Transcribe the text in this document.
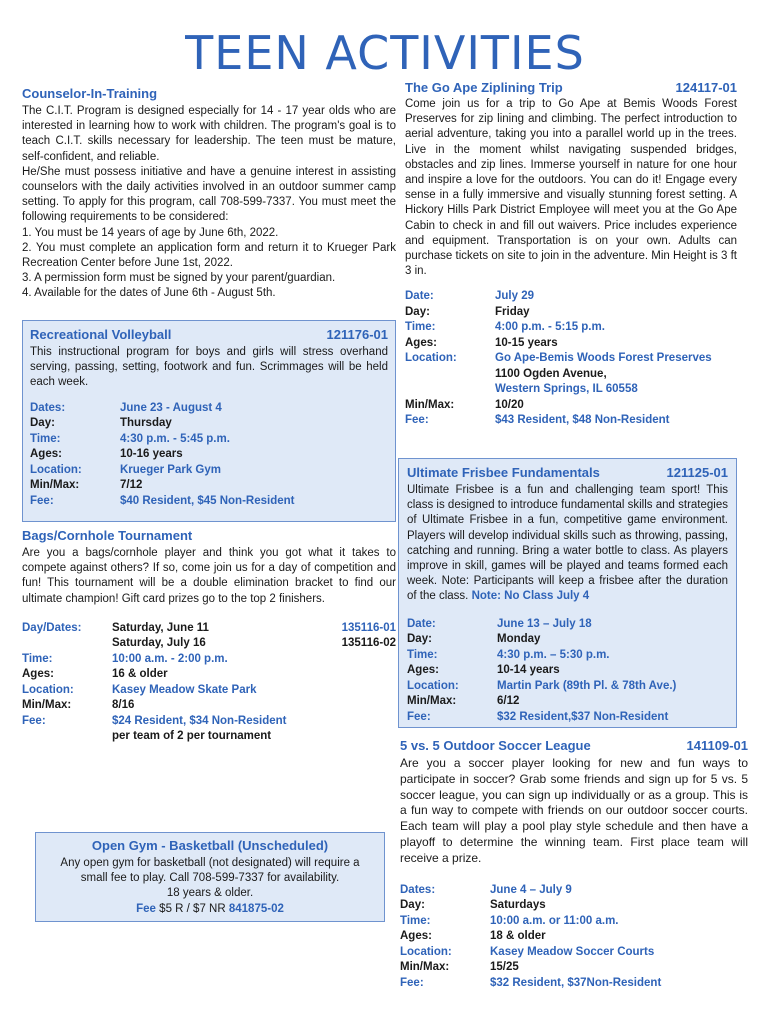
TEEN ACTIVITIES
Counselor-In-Training

The C.I.T. Program is designed especially for 14 - 17 year olds who are interested in learning how to work with children. The program's goal is to teach C.I.T. skills necessary for leadership. The teen must be mature, self-confident, and reliable.

He/She must possess initiative and have a genuine interest in assisting counselors with the daily activities involved in an outdoor summer camp setting. To apply for this program, call 708-599-7337. You must meet the following requirements to be considered:

1. You must be 14 years of age by June 6th, 2022.

2. You must complete an application form and return it to Krueger Park Recreation Center before June 1st, 2022.

3. A permission form must be signed by your parent/guardian.

4. Available for the dates of June 6th - August 5th.

Recreational Volleyball	121176-01
This instructional program for boys and girls will stress overhand serving, passing, setting, footwork and fun. Scrimmages will be held each week.
Dates:	June 23 - August 4
Day:	Thursday
Time:	4:30 p.m. - 5:45 p.m.
Ages:	10-16 years
Location:	Krueger Park Gym
Min/Max:	7/12
Fee:	$40 Resident, $45 Non-Resident
Bags/Cornhole Tournament
Are you a bags/cornhole player and think you got what it takes to compete against others? If so, come join us for a day of competition and fun! This tournament will be a double elimination bracket to find our ultimate champion! Gift card prizes go to the top 2 finishers.
Day/Dates:	Saturday, June 11	135116-01
Saturday, July 16	135116-02
Time:	10:00 a.m. - 2:00 p.m.
Ages:	16 & older
Location:	Kasey Meadow Skate Park
Min/Max:	8/16
Fee:	$24 Resident, $34 Non-Resident
per team of 2 per tournament
Open Gym - Basketball (Unscheduled)

Any open gym for basketball (not designated) will require a

small fee to play. Call 708-599-7337 for availability.

18 years & older.

Fee $5 R / $7 NR 841875-02

The Go Ape Ziplining Trip	124117-01
Come join us for a trip to Go Ape at Bemis Woods Forest Preserves for zip lining and climbing. The perfect introduction to aerial adventure, taking you into a parallel world up in the trees. Live in the moment whilst navigating suspended bridges, obstacles and zip lines. Immerse yourself in nature for one hour and inspire a love for the outdoors. You can do it! Engage every sense in a fully immersive and visually stunning forest setting. A Hickory Hills Park District Employee will meet you at the Go Ape Cabin to check in and fill out waivers. Price includes experience and equipment. Transportation is on your own. Adults can purchase tickets on site to join in the adventure. Min Height is 3 ft 3 in.
Date:	July 29
Day:	Friday
Time:	4:00 p.m. - 5:15 p.m.
Ages:	10-15 years
Location:	Go Ape-Bemis Woods Forest Preserves
1100 Ogden Avenue,
Western Springs, IL 60558
Min/Max:	10/20
Fee:	$43 Resident, $48 Non-Resident
Ultimate Frisbee Fundamentals	121125-01
Ultimate Frisbee is a fun and challenging team sport! This class is designed to introduce fundamental skills and strategies of Ultimate Frisbee in a fun, competitive game environment. Players will develop individual skills such as throwing, passing, catching and running. Bring a water bottle to class. As players improve in skill, games will be played and teams formed each week. Note: Participants will keep a frisbee after the duration of the class. Note: No Class July 4
Date:	June 13 – July 18
Day:	Monday
Time:	4:30 p.m. – 5:30 p.m.
Ages:	10-14 years
Location:	Martin Park (89th Pl. & 78th Ave.)
Min/Max:	6/12
Fee:	$32 Resident,$37 Non-Resident
5 vs. 5 Outdoor Soccer League	141109-01
Are you a soccer player looking for new and fun ways to participate in soccer? Grab some friends and sign up for 5 vs. 5 soccer league, you can sign up individually or as a group. This is a fun way to compete with friends on our outdoor soccer courts. Each team will play a pool play style schedule and then have a playoff to determine the winning team. First place team will receive a prize.
Dates:	June 4 – July 9
Day:	Saturdays
Time:	10:00 a.m. or 11:00 a.m.
Ages:	18 & older
Location:	Kasey Meadow Soccer Courts
Min/Max:	15/25
Fee:	$32 Resident, $37Non-Resident
